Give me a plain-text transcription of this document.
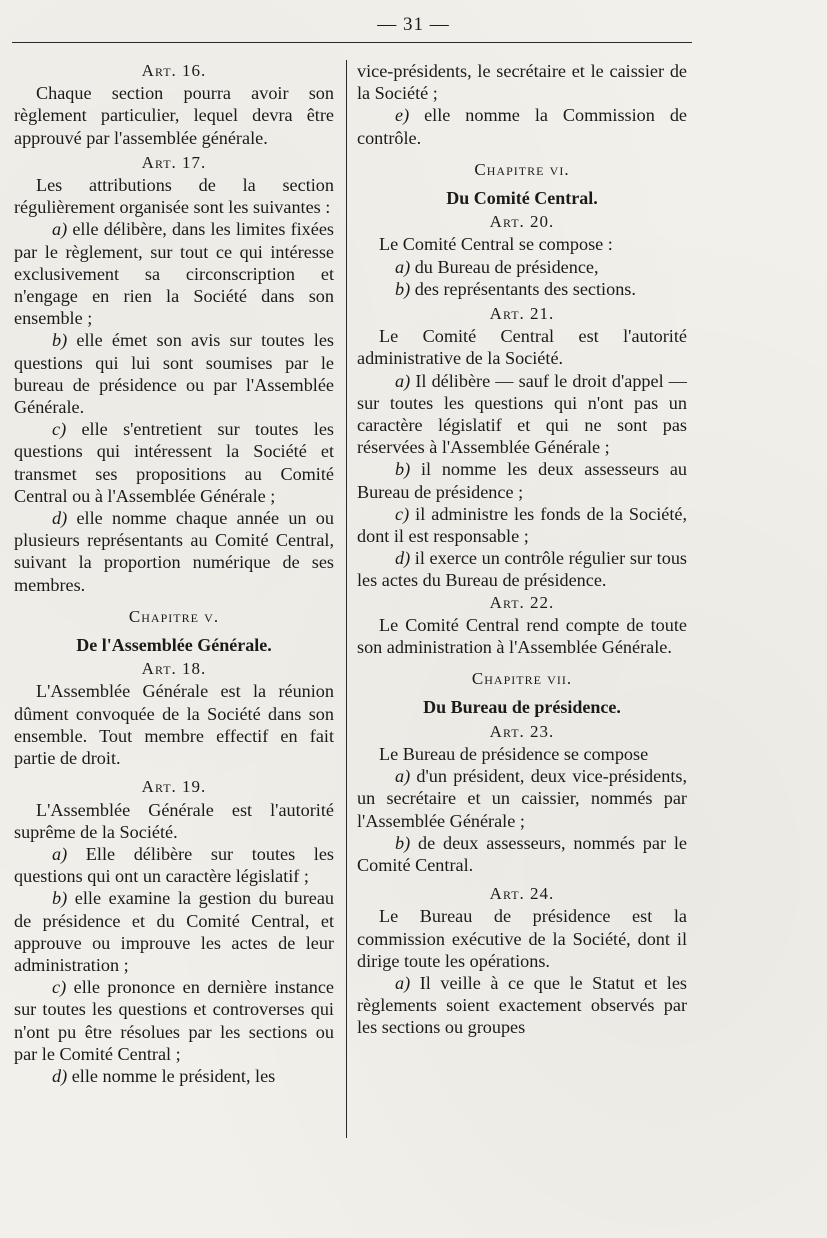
— 31 —
Art. 16.

Chaque section pourra avoir son règlement particulier, lequel devra être approuvé par l'assemblée générale.

Art. 17.

Les attributions de la section régulièrement organisée sont les suivantes :

a) elle délibère, dans les limites fixées par le règlement, sur tout ce qui intéresse exclusivement sa circonscription et n'engage en rien la Société dans son ensemble ;

b) elle émet son avis sur toutes les questions qui lui sont soumises par le bureau de présidence ou par l'Assemblée Générale.

c) elle s'entretient sur toutes les questions qui intéressent la Société et transmet ses propositions au Comité Central ou à l'Assemblée Générale ;

d) elle nomme chaque année un ou plusieurs représentants au Comité Central, suivant la proportion numérique de ses membres.

Chapitre v.
De l'Assemblée Générale.
Art. 18.

L'Assemblée Générale est la réunion dûment convoquée de la Société dans son ensemble. Tout membre effectif en fait partie de droit.

Art. 19.

L'Assemblée Générale est l'autorité suprême de la Société.

a) Elle délibère sur toutes les questions qui ont un caractère législatif ;

b) elle examine la gestion du bureau de présidence et du Comité Central, et approuve ou improuve les actes de leur administration ;

c) elle prononce en dernière instance sur toutes les questions et controverses qui n'ont pu être résolues par les sections ou par le Comité Central ;

d) elle nomme le président, les

vice-présidents, le secrétaire et le caissier de la Société ;

e) elle nomme la Commission de contrôle.

Chapitre vi.
Du Comité Central.
Art. 20.

Le Comité Central se compose :

a) du Bureau de présidence,

b) des représentants des sections.

Art. 21.

Le Comité Central est l'autorité administrative de la Société.

a) Il délibère — sauf le droit d'appel — sur toutes les questions qui n'ont pas un caractère législatif et qui ne sont pas réservées à l'Assemblée Générale ;

b) il nomme les deux assesseurs au Bureau de présidence ;

c) il administre les fonds de la Société, dont il est responsable ;

d) il exerce un contrôle régulier sur tous les actes du Bureau de présidence.

Art. 22.

Le Comité Central rend compte de toute son administration à l'Assemblée Générale.

Chapitre vii.
Du Bureau de présidence.
Art. 23.

Le Bureau de présidence se compose

a) d'un président, deux vice-présidents, un secrétaire et un caissier, nommés par l'Assemblée Générale ;

b) de deux assesseurs, nommés par le Comité Central.

Art. 24.

Le Bureau de présidence est la commission exécutive de la Société, dont il dirige toute les opérations.

a) Il veille à ce que le Statut et les règlements soient exactement observés par les sections ou groupes
